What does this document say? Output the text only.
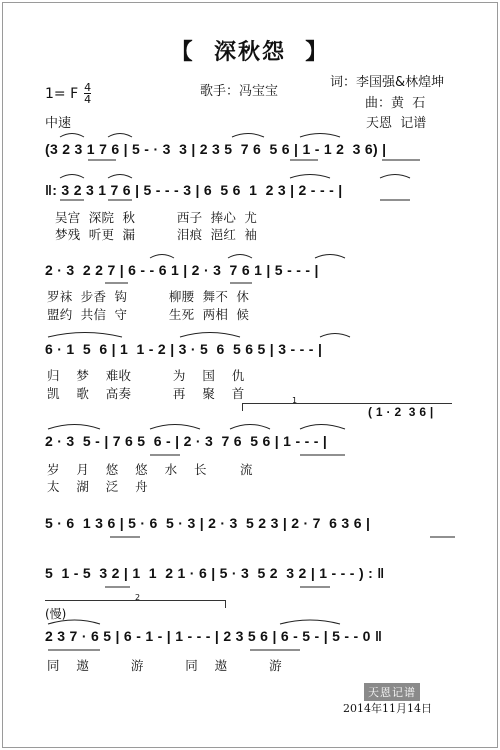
【  深秋怨  】
词：李国强&林煌坤
歌手：冯宝宝
曲：黄  石
天恩  记谱
1= F $\frac{4}{4}$
中速
(3 2 3 1 7 6 | 5 - · 3  3 | 2 3 5  7 6  5 6 | 1 - 1 2  3 6) |
‖: 3 2 3 1 7 6 | 5 - - - 3 | 6  5 6  1  2 3 | 2 - - - |
吴宫  深院  秋          西子  捧心  尤
梦残  听更  漏          泪痕  浥红  袖
2 · 3  2 2 7 | 6 - - 6 1 | 2 · 3  7 6 1 | 5 - - - |
罗袜  步香  钩          柳腰  舞不  休
盟约  共信  守          生死  两相  候
6 · 1  5  6 | 1  1 - 2 | 3 · 5  6  5 6 5 | 3 - - - |
归    梦    难收          为    国    仇
凯    歌    高奏          再    聚    首	1
( 1 · 2  3 6 |
2 · 3  5 - | 7 6 5  6 - | 2 · 3  7 6  5 6 | 1 - - - |
岁    月    悠    悠    水    长        流
太    湖    泛    舟
5 · 6  1 3 6 | 5 · 6  5 · 3 | 2 · 3  5 2 3 | 2 · 7  6 3 6 |
5  1 - 5  3 2 | 1  1  2 1 · 6 | 5 · 3  5 2  3 2 | 1 - - - ) : ‖
2
(慢)
2 3 7 · 6 5 | 6 - 1 - | 1 - - - | 2 3 5 6 | 6 - 5 - | 5 - - 0 ‖
同    遨          游          同    遨          游
天恩记谱
2014年11月14日
